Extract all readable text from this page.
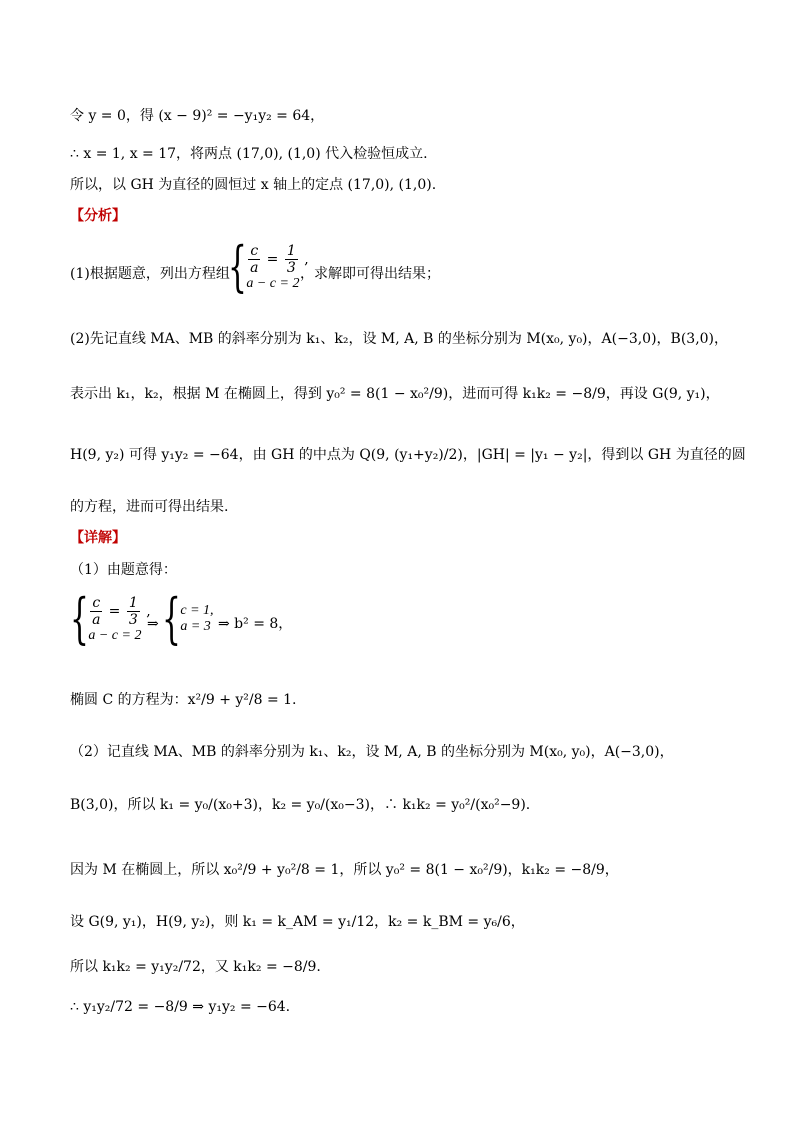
令 y = 0，得 (x − 9)² = −y₁y₂ = 64，
∴ x = 1, x = 17，将两点 (17,0), (1,0) 代入检验恒成立.
所以，以 GH 为直径的圆恒过 x 轴上的定点 (17,0), (1,0).
【分析】
(1)根据题意，列出方程组
{ $\frac{c}{a} = \frac{1}{3}$ ,
a − c = 2
，求解即可得出结果；
(2)先记直线 MA、MB 的斜率分别为 k₁、k₂，设 M, A, B 的坐标分别为 M(x₀, y₀)，A(−3,0)，B(3,0)，
表示出 k₁，k₂，根据 M 在椭圆上，得到 y₀² = 8(1 − x₀²/9)，进而可得 k₁k₂ = −8/9，再设 G(9, y₁)，
H(9, y₂) 可得 y₁y₂ = −64，由 GH 的中点为 Q(9, (y₁+y₂)/2)，|GH| = |y₁ − y₂|，得到以 GH 为直径的圆
的方程，进而可得出结果.
【详解】
（1）由题意得：
{ $\frac{c}{a} = \frac{1}{3}$ ,
a − c = 2
⇒ { c = 1,
a = 3 ⇒ b² = 8，
椭圆 C 的方程为：x²/9 + y²/8 = 1.
（2）记直线 MA、MB 的斜率分别为 k₁、k₂，设 M, A, B 的坐标分别为 M(x₀, y₀)，A(−3,0)，
B(3,0)，所以 k₁ = y₀/(x₀+3)，k₂ = y₀/(x₀−3)，∴ k₁k₂ = y₀²/(x₀²−9).
因为 M 在椭圆上，所以 x₀²/9 + y₀²/8 = 1，所以 y₀² = 8(1 − x₀²/9)，k₁k₂ = −8/9，
设 G(9, y₁)，H(9, y₂)，则 k₁ = k_AM = y₁/12，k₂ = k_BM = y₆/6，
所以 k₁k₂ = y₁y₂/72，又 k₁k₂ = −8/9.
∴ y₁y₂/72 = −8/9 ⇒ y₁y₂ = −64.
